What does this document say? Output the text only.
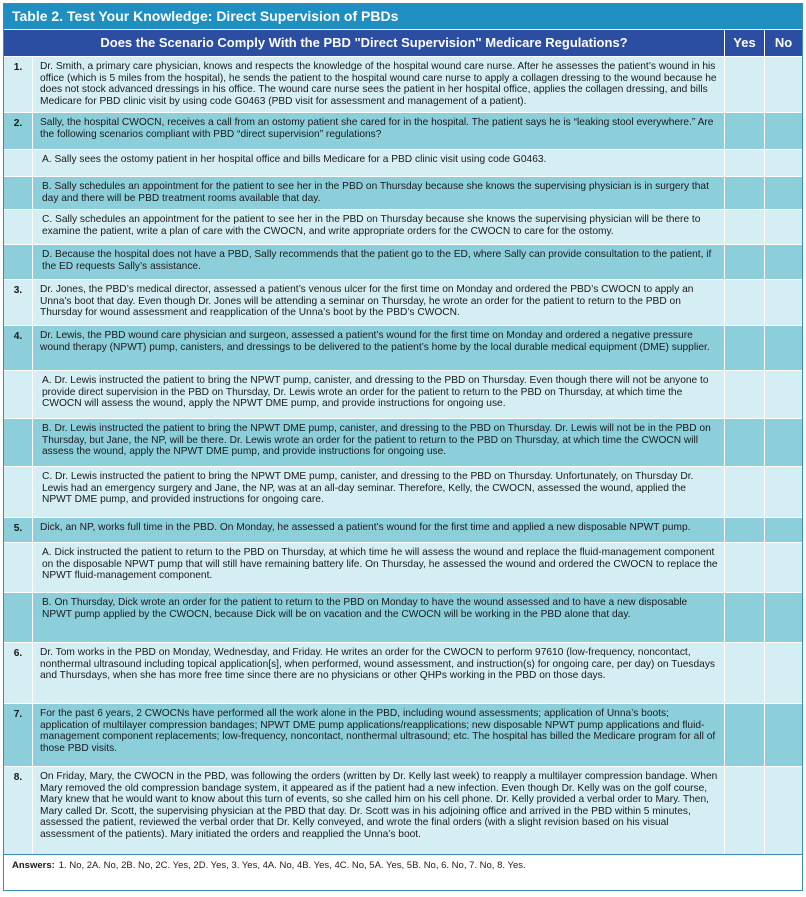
Table 2. Test Your Knowledge: Direct Supervision of PBDs
Does the Scenario Comply With the PBD "Direct Supervision" Medicare Regulations?	Yes	No
1.	Dr. Smith, a primary care physician, knows and respects the knowledge of the hospital wound care nurse. After he assesses the patient’s wound in his office (which is 5 miles from the hospital), he sends the patient to the hospital wound care nurse to apply a collagen dressing to the wound because he does not stock advanced dressings in his office. The wound care nurse sees the patient in her hospital office, applies the collagen dressing, and bills Medicare for PBD clinic visit by using code G0463 (PBD visit for assessment and management of a patient).
2.	Sally, the hospital CWOCN, receives a call from an ostomy patient she cared for in the hospital. The patient says he is “leaking stool everywhere.” Are the following scenarios compliant with PBD “direct supervision” regulations?
A. Sally sees the ostomy patient in her hospital office and bills Medicare for a PBD clinic visit using code G0463.
B. Sally schedules an appointment for the patient to see her in the PBD on Thursday because she knows the supervising physician is in surgery that day and there will be PBD treatment rooms available that day.
C. Sally schedules an appointment for the patient to see her in the PBD on Thursday because she knows the supervising physician will be there to examine the patient, write a plan of care with the CWOCN, and write appropriate orders for the CWOCN to care for the ostomy.
D. Because the hospital does not have a PBD, Sally recommends that the patient go to the ED, where Sally can provide consultation to the patient, if the ED requests Sally’s assistance.
3.	Dr. Jones, the PBD’s medical director, assessed a patient’s venous ulcer for the first time on Monday and ordered the PBD’s CWOCN to apply an Unna’s boot that day. Even though Dr. Jones will be attending a seminar on Thursday, he wrote an order for the patient to return to the PBD on Thursday for wound assessment and reapplication of the Unna’s boot by the PBD’s CWOCN.
4.	Dr. Lewis, the PBD wound care physician and surgeon, assessed a patient’s wound for the first time on Monday and ordered a negative pressure wound therapy (NPWT) pump, canisters, and dressings to be delivered to the patient’s home by the local durable medical equipment (DME) supplier.
A. Dr. Lewis instructed the patient to bring the NPWT pump, canister, and dressing to the PBD on Thursday. Even though there will not be anyone to provide direct supervision in the PBD on Thursday, Dr. Lewis wrote an order for the patient to return to the PBD on Thursday, at which time the CWOCN will assess the wound, apply the NPWT DME pump, and provide instructions for ongoing use.
B. Dr. Lewis instructed the patient to bring the NPWT DME pump, canister, and dressing to the PBD on Thursday. Dr. Lewis will not be in the PBD on Thursday, but Jane, the NP, will be there. Dr. Lewis wrote an order for the patient to return to the PBD on Thursday, at which time the CWOCN will assess the wound, apply the NPWT DME pump, and provide instructions for ongoing use.
C. Dr. Lewis instructed the patient to bring the NPWT DME pump, canister, and dressing to the PBD on Thursday. Unfortunately, on Thursday Dr. Lewis had an emergency surgery and Jane, the NP, was at an all-day seminar. Therefore, Kelly, the CWOCN, assessed the wound, applied the NPWT DME pump, and provided instructions for ongoing care.
5.	Dick, an NP, works full time in the PBD. On Monday, he assessed a patient’s wound for the first time and applied a new disposable NPWT pump.
A. Dick instructed the patient to return to the PBD on Thursday, at which time he will assess the wound and replace the fluid-management component on the disposable NPWT pump that will still have remaining battery life. On Thursday, he assessed the wound and ordered the CWOCN to replace the NPWT fluid-management component.
B. On Thursday, Dick wrote an order for the patient to return to the PBD on Monday to have the wound assessed and to have a new disposable NPWT pump applied by the CWOCN, because Dick will be on vacation and the CWOCN will be working in the PBD alone that day.
6.	Dr. Tom works in the PBD on Monday, Wednesday, and Friday. He writes an order for the CWOCN to perform 97610 (low-frequency, noncontact, nonthermal ultrasound including topical application[s], when performed, wound assessment, and instruction(s) for ongoing care, per day) on Tuesdays and Thursdays, when she has more free time since there are no physicians or other QHPs working in the PBD on those days.
7.	For the past 6 years, 2 CWOCNs have performed all the work alone in the PBD, including wound assessments; application of Unna’s boots; application of multilayer compression bandages; NPWT DME pump applications/reapplications; new disposable NPWT pump applications and fluid-management component replacements; low-frequency, noncontact, nonthermal ultrasound; etc. The hospital has billed the Medicare program for all of those PBD visits.
8.	On Friday, Mary, the CWOCN in the PBD, was following the orders (written by Dr. Kelly last week) to reapply a multilayer compression bandage. When Mary removed the old compression bandage system, it appeared as if the patient had a new infection. Even though Dr. Kelly was on the golf course, Mary knew that he would want to know about this turn of events, so she called him on his cell phone. Dr. Kelly provided a verbal order to Mary. Then, Mary called Dr. Scott, the supervising physician at the PBD that day. Dr. Scott was in his adjoining office and arrived in the PBD within 5 minutes, assessed the patient, reviewed the verbal order that Dr. Kelly conveyed, and wrote the final orders (with a slight revision based on his visual assessment of the patients). Mary initiated the orders and reapplied the Unna’s boot.
Answers: 1. No, 2A. No, 2B. No, 2C. Yes, 2D. Yes, 3. Yes, 4A. No, 4B. Yes, 4C. No, 5A. Yes, 5B. No, 6. No, 7. No, 8. Yes.
